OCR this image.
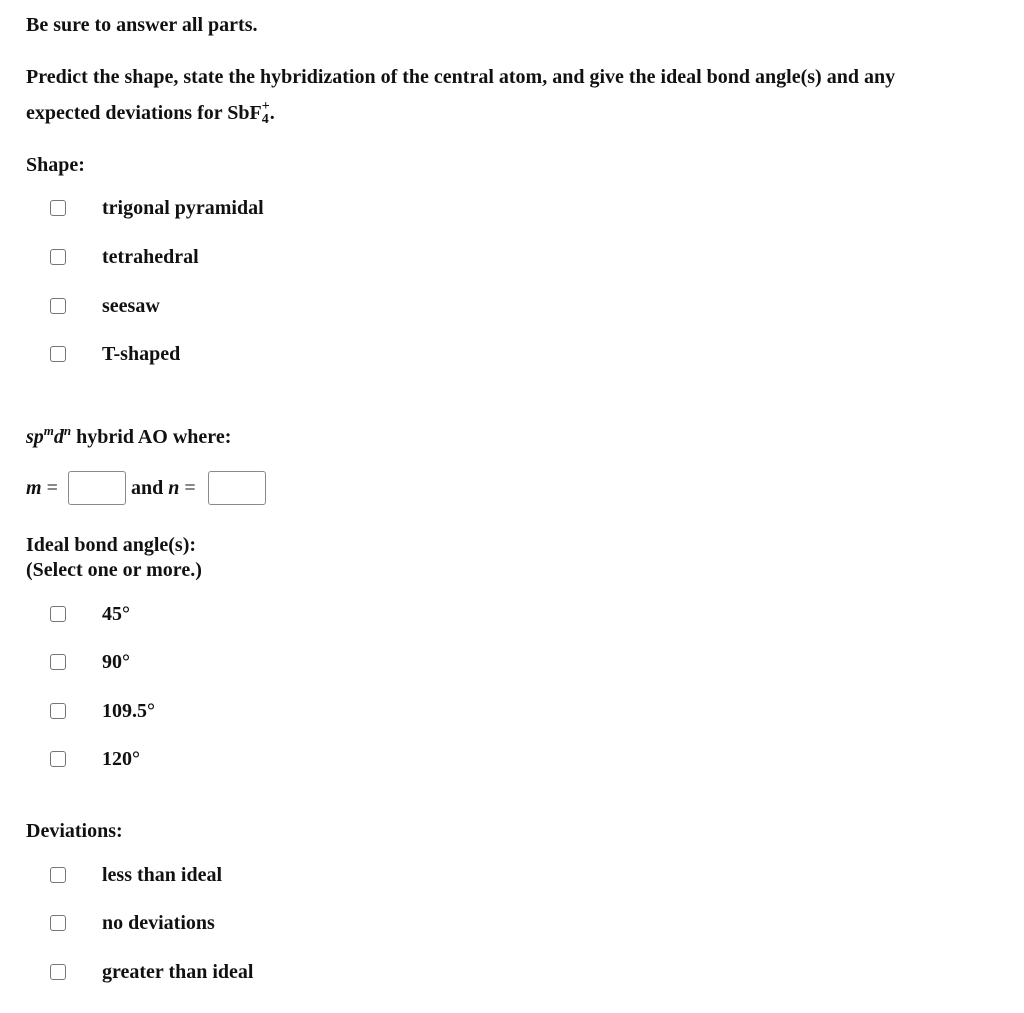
Be sure to answer all parts.
Predict the shape, state the hybridization of the central atom, and give the ideal bond angle(s) and any
expected deviations for SbF$_4$+.
Shape:
trigonal pyramidal
tetrahedral
seesaw
T-shaped
$sp^md^n$ hybrid AO where:
m =	and n =
Ideal bond angle(s):
(Select one or more.)
45°
90°
109.5°
120°
Deviations:
less than ideal
no deviations
greater than ideal
